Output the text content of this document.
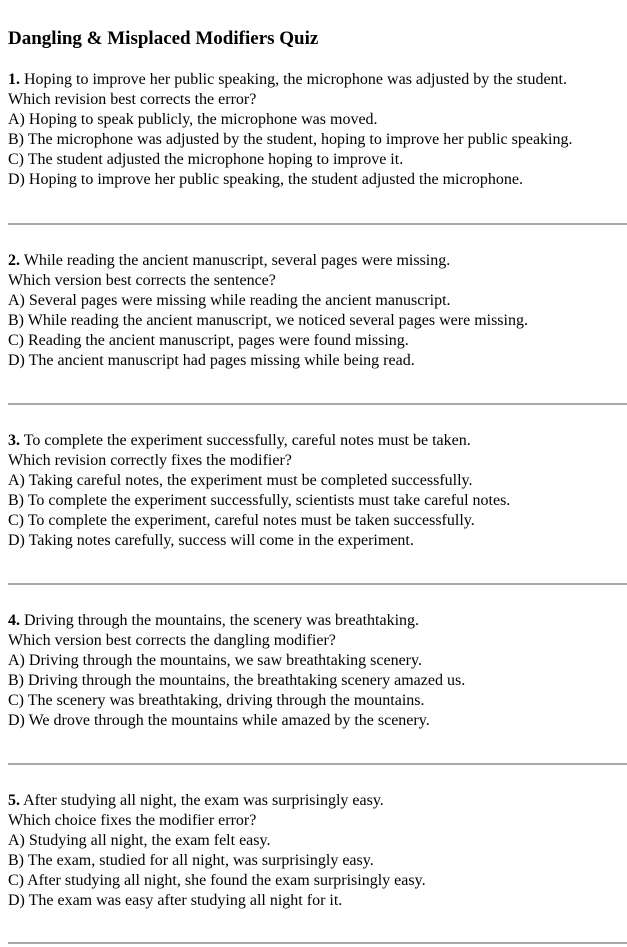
Dangling & Misplaced Modifiers Quiz
1. Hoping to improve her public speaking, the microphone was adjusted by the student.
Which revision best corrects the error?
A) Hoping to speak publicly, the microphone was moved.
B) The microphone was adjusted by the student, hoping to improve her public speaking.
C) The student adjusted the microphone hoping to improve it.
D) Hoping to improve her public speaking, the student adjusted the microphone.
2. While reading the ancient manuscript, several pages were missing.
Which version best corrects the sentence?
A) Several pages were missing while reading the ancient manuscript.
B) While reading the ancient manuscript, we noticed several pages were missing.
C) Reading the ancient manuscript, pages were found missing.
D) The ancient manuscript had pages missing while being read.
3. To complete the experiment successfully, careful notes must be taken.
Which revision correctly fixes the modifier?
A) Taking careful notes, the experiment must be completed successfully.
B) To complete the experiment successfully, scientists must take careful notes.
C) To complete the experiment, careful notes must be taken successfully.
D) Taking notes carefully, success will come in the experiment.
4. Driving through the mountains, the scenery was breathtaking.
Which version best corrects the dangling modifier?
A) Driving through the mountains, we saw breathtaking scenery.
B) Driving through the mountains, the breathtaking scenery amazed us.
C) The scenery was breathtaking, driving through the mountains.
D) We drove through the mountains while amazed by the scenery.
5. After studying all night, the exam was surprisingly easy.
Which choice fixes the modifier error?
A) Studying all night, the exam felt easy.
B) The exam, studied for all night, was surprisingly easy.
C) After studying all night, she found the exam surprisingly easy.
D) The exam was easy after studying all night for it.
